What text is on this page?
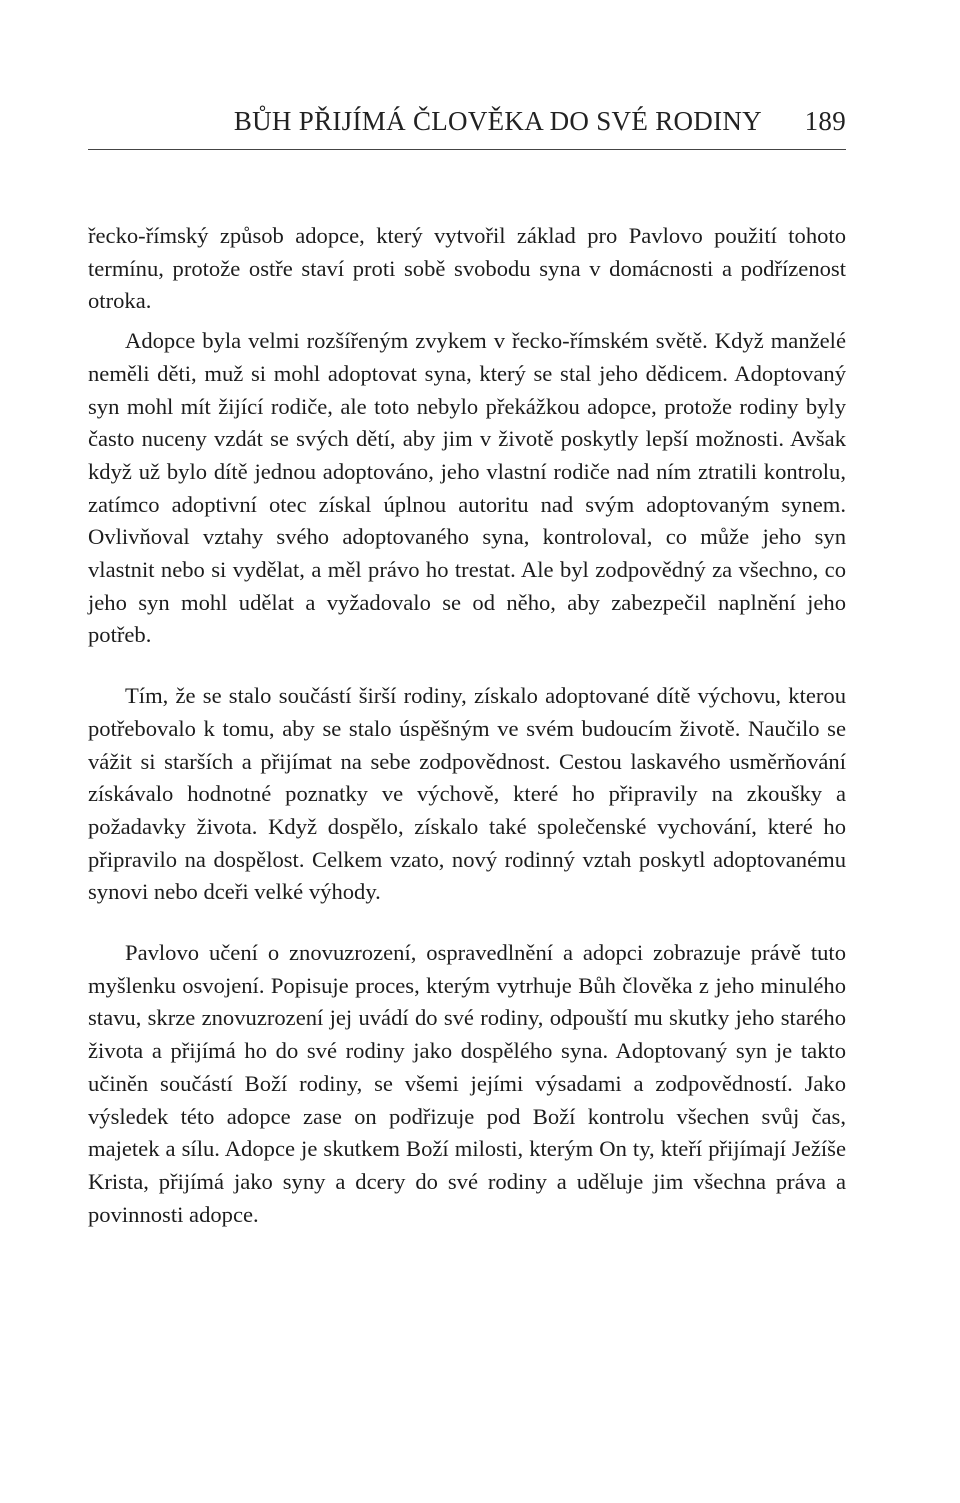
BŮH PŘIJÍMÁ ČLOVĚKA DO SVÉ RODINY 189

řecko-římský způsob adopce, který vytvořil základ pro Pavlovo použití tohoto termínu, protože ostře staví proti sobě svobodu syna v domácnosti a podřízenost otroka.

Adopce byla velmi rozšířeným zvykem v řecko-římském světě. Když manželé neměli děti, muž si mohl adoptovat syna, který se stal jeho dědicem. Adoptovaný syn mohl mít žijící rodiče, ale toto nebylo překážkou adopce, protože rodiny byly často nuceny vzdát se svých dětí, aby jim v životě poskytly lepší možnosti. Avšak když už bylo dítě jednou adoptováno, jeho vlastní rodiče nad ním ztratili kontrolu, zatímco adoptivní otec získal úplnou autoritu nad svým adoptovaným synem. Ovlivňoval vztahy svého adoptovaného syna, kontroloval, co může jeho syn vlastnit nebo si vydělat, a měl právo ho trestat. Ale byl zodpovědný za všechno, co jeho syn mohl udělat a vyžadovalo se od něho, aby zabezpečil naplnění jeho potřeb.

Tím, že se stalo součástí širší rodiny, získalo adoptované dítě výchovu, kterou potřebovalo k tomu, aby se stalo úspěšným ve svém budoucím životě. Naučilo se vážit si starších a přijímat na sebe zodpovědnost. Cestou laskavého usměrňování získávalo hodnotné poznatky ve výchově, které ho připravily na zkoušky a požadavky života. Když dospělo, získalo také společenské vychování, které ho připravilo na dospělost. Celkem vzato, nový rodinný vztah poskytl adoptovanému synovi nebo dceři velké výhody.

Pavlovo učení o znovuzrození, ospravedlnění a adopci zobrazuje právě tuto myšlenku osvojení. Popisuje proces, kterým vytrhuje Bůh člověka z jeho minulého stavu, skrze znovuzrození jej uvádí do své rodiny, odpouští mu skutky jeho starého života a přijímá ho do své rodiny jako dospělého syna. Adoptovaný syn je takto učiněn součástí Boží rodiny, se všemi jejími výsadami a zodpovědností. Jako výsledek této adopce zase on podřizuje pod Boží kontrolu všechen svůj čas, majetek a sílu. Adopce je skutkem Boží milosti, kterým On ty, kteří přijímají Ježíše Krista, přijímá jako syny a dcery do své rodiny a uděluje jim všechna práva a povinnosti adopce.
